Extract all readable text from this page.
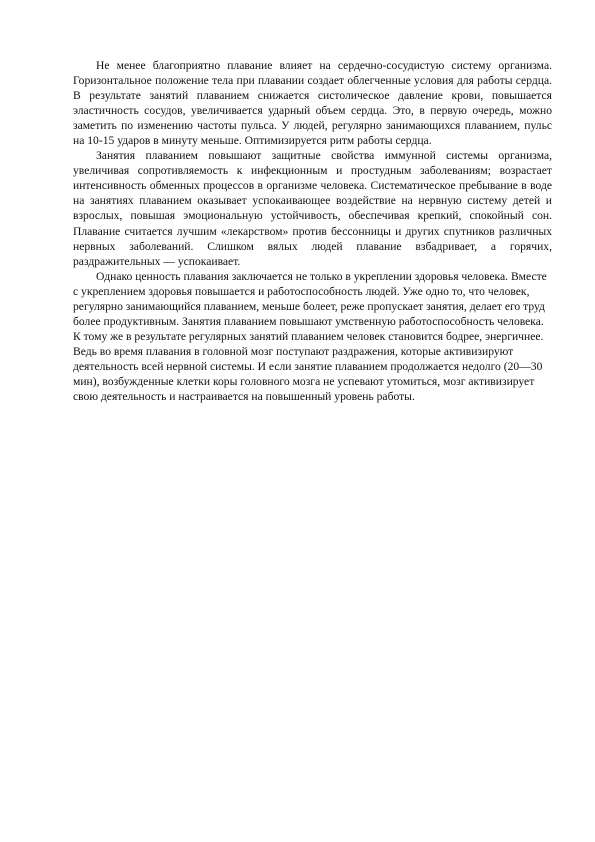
Не менее благоприятно плавание влияет на сердечно-сосудистую систему организма. Горизонтальное положение тела при плавании создает облегченные условия для работы сердца. В результате занятий плаванием снижается систолическое давление крови, повышается эластичность сосудов, увеличивается ударный объем сердца. Это, в первую очередь, можно заметить по изменению частоты пульса. У людей, регулярно занимающихся плаванием, пульс на 10-15 ударов в минуту меньше. Оптимизируется ритм работы сердца.

Занятия плаванием повышают защитные свойства иммунной системы организма, увеличивая сопротивляемость к инфекционным и простудным заболеваниям; возрастает интенсивность обменных процессов в организме человека. Систематическое пребывание в воде на занятиях плаванием оказывает успокаивающее воздействие на нервную систему детей и взрослых, повышая эмоциональную устойчивость, обеспечивая крепкий, спокойный сон. Плавание считается лучшим «лекарством» против бессонницы и других спутников различных нервных заболеваний. Слишком вялых людей плавание взбадривает, а горячих, раздражительных — успокаивает.

Однако ценность плавания заключается не только в укреплении здоровья человека. Вместе с укреплением здоровья повышается и работоспособность людей. Уже одно то, что человек, регулярно занимающийся плаванием, меньше болеет, реже пропускает занятия, делает его труд более продуктивным. Занятия плаванием повышают умственную работоспособность человека. К тому же в результате регулярных занятий плаванием человек становится бодрее, энергичнее. Ведь во время плавания в головной мозг поступают раздражения, которые активизируют деятельность всей нервной системы. И если занятие плаванием продолжается недолго (20—30 мин), возбужденные клетки коры головного мозга не успевают утомиться, мозг активизирует свою деятельность и настраивается на повышенный уровень работы.
